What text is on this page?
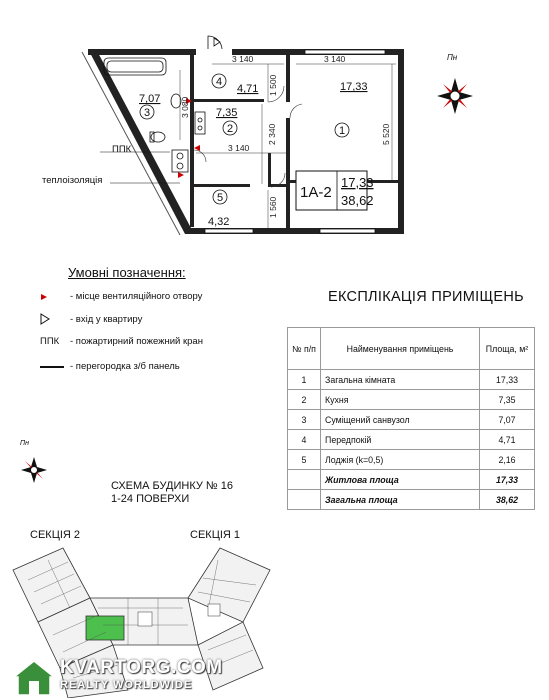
3 140	3 140
3 140
3 080
1 500
2 340	5 520
1 560
7,07
3
4
4,71
7,35
2
17,33
1
5
4,32
1А-2
17,33
38,62
ППК
теплоізоляція
Пн
Умовні позначення:
- місце вентиляційного отвору
- вхід у квартиру
ППК	- пожартирний пожежний кран
- перегородка з/б панель
ЕКСПЛІКАЦІЯ ПРИМІЩЕНЬ
№ п/п	Найменування приміщень	Площа, м²
1	Загальна кімната	17,33
2	Кухня	7,35
3	Суміщений санвузол	7,07
4	Передпокій	4,71
5	Лоджія (k=0,5)	2,16
	Житлова площа	17,33
	Загальна площа	38,62
Пн
СХЕМА БУДИНКУ № 16
1-24 ПОВЕРХИ
СЕКЦІЯ 2	СЕКЦІЯ 1
KVARTORG.COM
REALTY WORLDWIDE
